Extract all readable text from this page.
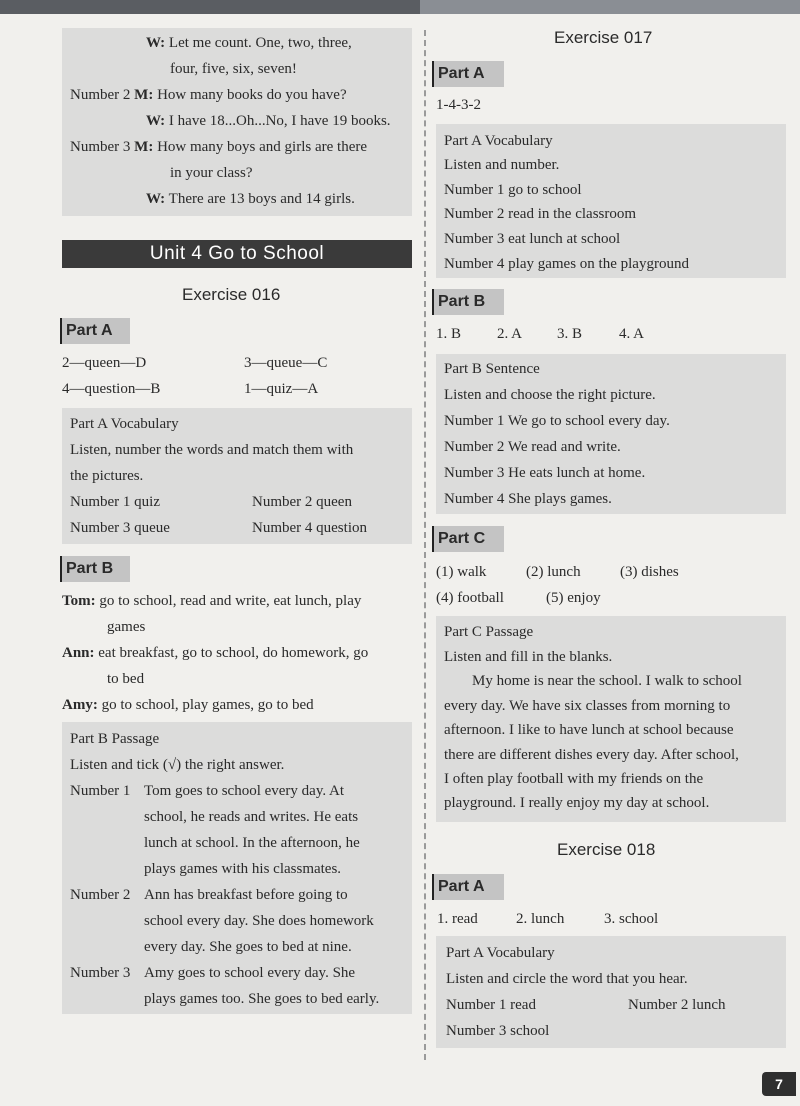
W: Let me count. One, two, three,
four, five, six, seven!
Number 2 M: How many books do you have?
W: I have 18...Oh...No, I have 19 books.
Number 3 M: How many boys and girls are there
in your class?
W: There are 13 boys and 14 girls.
Unit 4 Go to School
Exercise 016
Part A
2—queen—D	3—queue—C
4—question—B	1—quiz—A
Part A Vocabulary
Listen, number the words and match them with
the pictures.
Number 1 quiz	Number 2 queen
Number 3 queue	Number 4 question
Part B
Tom: go to school, read and write, eat lunch, play
games
Ann: eat breakfast, go to school, do homework, go
to bed
Amy: go to school, play games, go to bed
Part B Passage
Listen and tick (√) the right answer.
Number 1 Tom goes to school every day. At
school, he reads and writes. He eats
lunch at school. In the afternoon, he
plays games with his classmates.
Number 2 Ann has breakfast before going to
school every day. She does homework
every day. She goes to bed at nine.
Number 3 Amy goes to school every day. She
plays games too. She goes to bed early.
Exercise 017
Part A
1-4-3-2
Part A Vocabulary
Listen and number.
Number 1 go to school
Number 2 read in the classroom
Number 3 eat lunch at school
Number 4 play games on the playground
Part B
1. B 2. A 3. B 4. A
Part B Sentence
Listen and choose the right picture.
Number 1 We go to school every day.
Number 2 We read and write.
Number 3 He eats lunch at home.
Number 4 She plays games.
Part C
(1) walk	(2) lunch	(3) dishes
(4) football	(5) enjoy
Part C Passage
Listen and fill in the blanks.
My home is near the school. I walk to school
every day. We have six classes from morning to
afternoon. I like to have lunch at school because
there are different dishes every day. After school,
I often play football with my friends on the
playground. I really enjoy my day at school.
Exercise 018
Part A
1. read	2. lunch	3. school
Part A Vocabulary
Listen and circle the word that you hear.
Number 1 read	Number 2 lunch
Number 3 school
7
